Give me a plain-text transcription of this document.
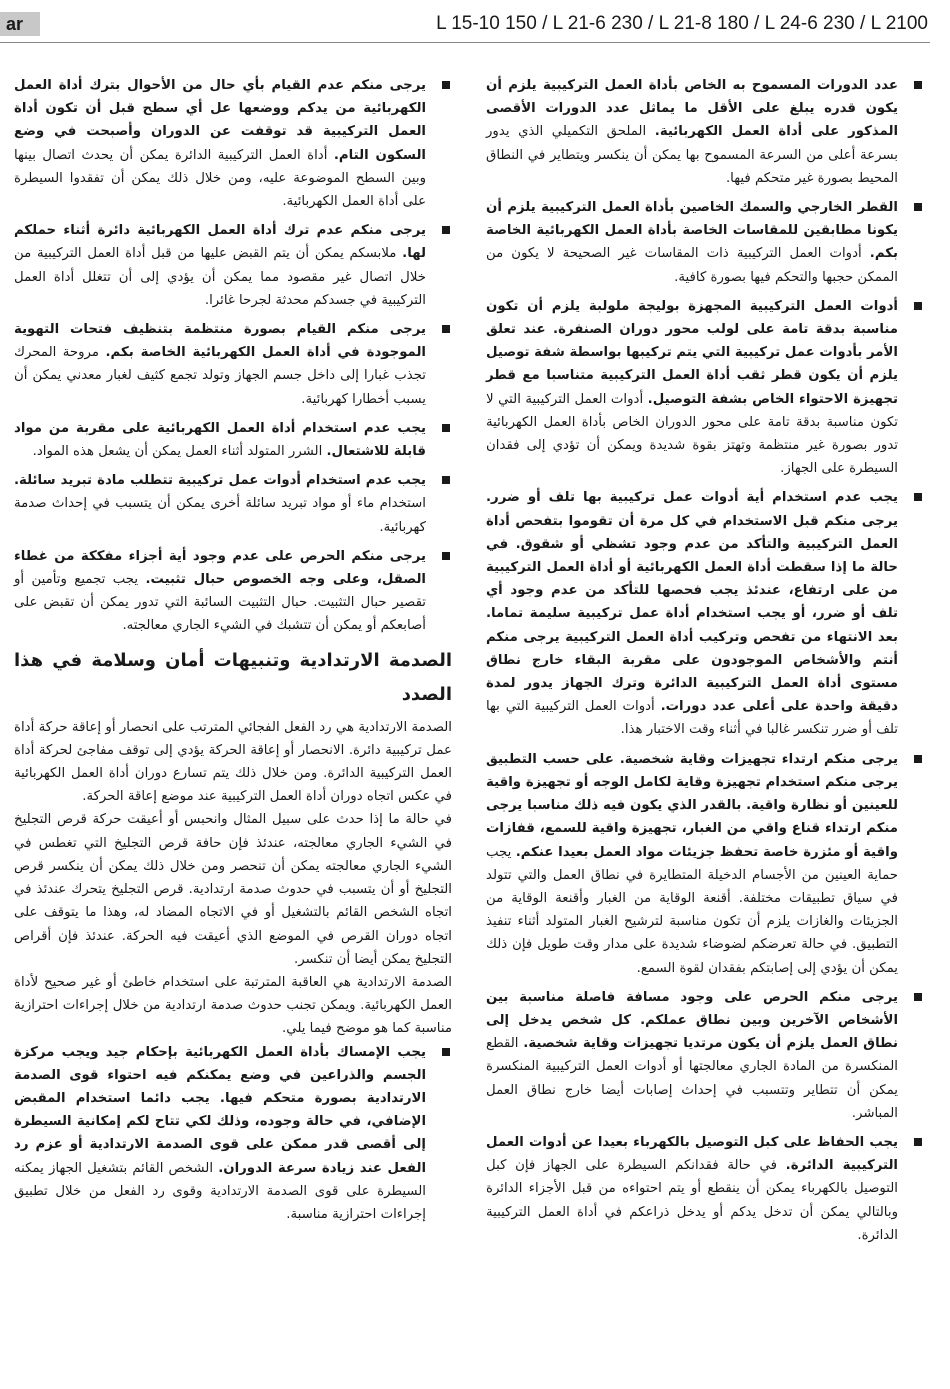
ar	L 15-10 150 / L 21-6 230 / L 21-8 180 / L 24-6 230 / L 2100

عدد الدورات المسموح به الخاص بأداة العمل التركيبية يلزم أن يكون قدره يبلغ على الأقل ما يماثل عدد الدورات الأقصى المذكور على أداة العمل الكهربائية. الملحق التكميلي الذي يدور بسرعة أعلى من السرعة المسموح بها يمكن أن ينكسر ويتطاير في النطاق المحيط بصورة غير متحكم فيها.

القطر الخارجي والسمك الخاصين بأداة العمل التركيبية يلزم أن يكونا مطابقين للمقاسات الخاصة بأداة العمل الكهربائية الخاصة بكم. أدوات العمل التركيبية ذات المقاسات غير الصحيحة لا يكون من الممكن حجبها والتحكم فيها بصورة كافية.

أدوات العمل التركيبية المجهزة بوليجة ملولبة يلزم أن تكون مناسبة بدقة تامة على لولب محور دوران الصنفرة. عند تعلق الأمر بأدوات عمل تركيبية التي يتم تركيبها بواسطة شفة توصيل يلزم أن يكون قطر ثقب أداة العمل التركيبية متناسبا مع قطر تجهيزة الاحتواء الخاص بشفة التوصيل. أدوات العمل التركيبية التي لا تكون مناسبة بدقة تامة على محور الدوران الخاص بأداة العمل الكهربائية تدور بصورة غير منتظمة وتهتز بقوة شديدة ويمكن أن تؤدي إلى فقدان السيطرة على الجهاز.

يجب عدم استخدام أية أدوات عمل تركيبية بها تلف أو ضرر. يرجى منكم قبل الاستخدام في كل مرة أن تقوموا بتفحص أداة العمل التركيبية والتأكد من عدم وجود تشظي أو شقوق. في حالة ما إذا سقطت أداة العمل الكهربائية أو أداة العمل التركيبية من على ارتفاع، عندئذ يجب فحصها للتأكد من عدم وجود أي تلف أو ضرر، أو يجب استخدام أداة عمل تركيبية سليمة تماما. بعد الانتهاء من تفحص وتركيب أداة العمل التركيبية يرجى منكم أنتم والأشخاص الموجودون على مقربة البقاء خارج نطاق مستوى أداة العمل التركيبية الدائرة وترك الجهاز يدور لمدة دقيقة واحدة على أعلى عدد دورات. أدوات العمل التركيبية التي بها تلف أو ضرر تنكسر غالبا في أثناء وقت الاختبار هذا.

يرجى منكم ارتداء تجهيزات وقاية شخصية. على حسب التطبيق يرجى منكم استخدام تجهيزة وقاية لكامل الوجه أو تجهيزة واقية للعينين أو نظارة واقية. بالقدر الذي يكون فيه ذلك مناسبا يرجى منكم ارتداء قناع واقي من الغبار، تجهيزة واقية للسمع، قفازات واقية أو مئزرة خاصة تحفظ جزيئات مواد العمل بعيدا عنكم. يجب حماية العينين من الأجسام الدخيلة المتطايرة في نطاق العمل والتي تتولد في سياق تطبيقات مختلفة. أقنعة الوقاية من الغبار وأقنعة الوقاية من الجزيئات والغازات يلزم أن تكون مناسبة لترشيح الغبار المتولد أثناء تنفيذ التطبيق. في حالة تعرضكم لضوضاء شديدة على مدار وقت طويل فإن ذلك يمكن أن يؤدي إلى إصابتكم بفقدان لقوة السمع.

يرجى منكم الحرص على وجود مسافة فاصلة مناسبة بين الأشخاص الآخرين وبين نطاق عملكم. كل شخص يدخل إلى نطاق العمل يلزم أن يكون مرتديا تجهيزات وقاية شخصية. القطع المنكسرة من المادة الجاري معالجتها أو أدوات العمل التركيبية المنكسرة يمكن أن تتطاير وتتسبب في إحداث إصابات أيضا خارج نطاق العمل المباشر.

يجب الحفاظ على كبل التوصيل بالكهرباء بعيدا عن أدوات العمل التركيبية الدائرة. في حالة فقدانكم السيطرة على الجهاز فإن كبل التوصيل بالكهرباء يمكن أن ينقطع أو يتم احتواءه من قبل الأجزاء الدائرة وبالتالي يمكن أن تدخل يدكم أو يدخل ذراعكم في أداة العمل التركيبية الدائرة.

يرجى منكم عدم القيام بأي حال من الأحوال بترك أداة العمل الكهربائية من يدكم ووضعها عل أي سطح قبل أن تكون أداة العمل التركيبية قد توقفت عن الدوران وأصبحت في وضع السكون التام. أداة العمل التركيبية الدائرة يمكن أن يحدث اتصال بينها وبين السطح الموضوعة عليه، ومن خلال ذلك يمكن أن تفقدوا السيطرة على أداة العمل الكهربائية.

يرجى منكم عدم ترك أداة العمل الكهربائية دائرة أثناء حملكم لها. ملابسكم يمكن أن يتم القبض عليها من قبل أداة العمل التركيبية من خلال اتصال غير مقصود مما يمكن أن يؤدي إلى أن تتغلل أداة العمل التركيبية في جسدكم محدثة لجرحا غائرا.

يرجى منكم القيام بصورة منتظمة بتنظيف فتحات التهوية الموجودة في أداة العمل الكهربائية الخاصة بكم. مروحة المحرك تجذب غبارا إلى داخل جسم الجهاز وتولد تجمع كثيف لغبار معدني يمكن أن يسبب أخطارا كهربائية.

يجب عدم استخدام أداة العمل الكهربائية على مقربة من مواد قابلة للاشتعال. الشرر المتولد أثناء العمل يمكن أن يشعل هذه المواد.

يجب عدم استخدام أدوات عمل تركيبية تتطلب مادة تبريد سائلة. استخدام ماء أو مواد تبريد سائلة أخرى يمكن أن يتسبب في إحداث صدمة كهربائية.

يرجى منكم الحرص على عدم وجود أية أجزاء مفككة من غطاء الصقل، وعلى وجه الخصوص حبال تثبيت. يجب تجميع وتأمين أو تقصير حبال التثبيت. حبال التثبيت السائبة التي تدور يمكن أن تقبض على أصابعكم أو يمكن أن تتشبك في الشيء الجاري معالجته.

الصدمة الارتدادية وتنبيهات أمان وسلامة في هذا الصدد

الصدمة الارتدادية هي رد الفعل الفجائي المترتب على انحصار أو إعاقة حركة أداة عمل تركيبية دائرة. الانحصار أو إعاقة الحركة يؤدي إلى توقف مفاجئ لحركة أداة العمل التركيبية الدائرة. ومن خلال ذلك يتم تسارع دوران أداة العمل الكهربائية في عكس اتجاه دوران أداة العمل التركيبية عند موضع إعاقة الحركة.

في حالة ما إذا حدث على سبيل المثال وانحبس أو أعيقت حركة قرص التجليخ في الشيء الجاري معالجته، عندئذ فإن حافة قرص التجليخ التي تغطس في الشيء الجاري معالجته يمكن أن تنحصر ومن خلال ذلك يمكن أن ينكسر قرص التجليخ أو أن يتسبب في حدوث صدمة ارتدادية. قرص التجليخ يتحرك عندئذ في اتجاه الشخص القائم بالتشغيل أو في الاتجاه المضاد له، وهذا ما يتوقف على اتجاه دوران القرص في الموضع الذي أعيقت فيه الحركة. عندئذ فإن أقراص التجليخ يمكن أيضا أن تنكسر.

الصدمة الارتدادية هي العاقبة المترتبة على استخدام خاطئ أو غير صحيح لأداة العمل الكهربائية. ويمكن تجنب حدوث صدمة ارتدادية من خلال إجراءات احترازية مناسبة كما هو موضح فيما يلي.

يجب الإمساك بأداة العمل الكهربائية بإحكام جيد ويجب مركزة الجسم والذراعين في وضع يمكنكم فيه احتواء قوى الصدمة الارتدادية بصورة متحكم فيها. يجب دائما استخدام المقبض الإضافي، في حالة وجوده، وذلك لكي تتاح لكم إمكانية السيطرة إلى أقصى قدر ممكن على قوى الصدمة الارتدادية أو عزم رد الفعل عند زيادة سرعة الدوران. الشخص القائم بتشغيل الجهاز يمكنه السيطرة على قوى الصدمة الارتدادية وقوى رد الفعل من خلال تطبيق إجراءات احترازية مناسبة.
